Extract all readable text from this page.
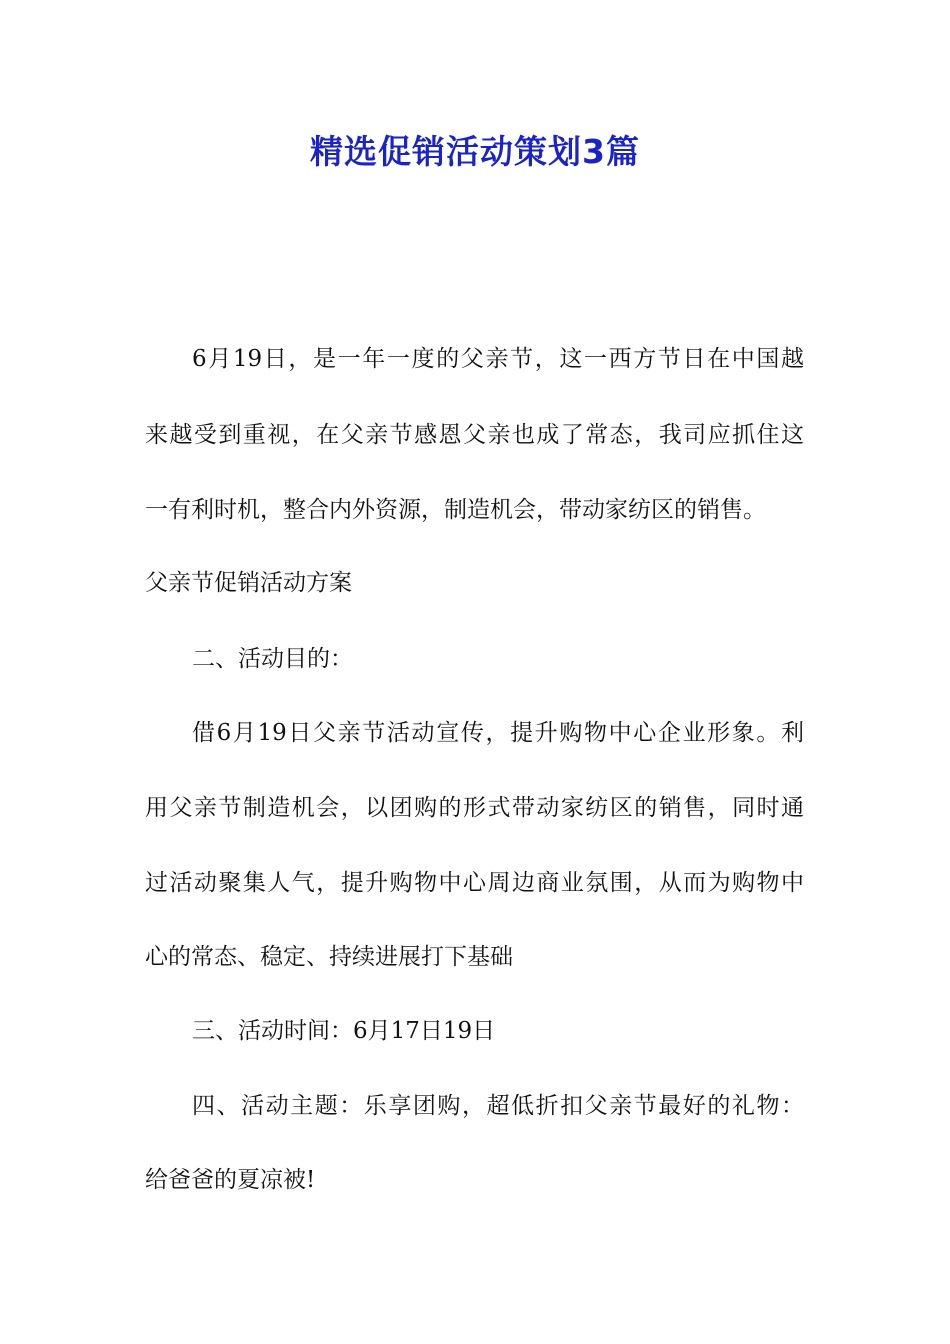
精选促销活动策划3篇
6月19日，是一年一度的父亲节，这一西方节日在中国越
来越受到重视，在父亲节感恩父亲也成了常态，我司应抓住这
一有利时机，整合内外资源，制造机会，带动家纺区的销售。
父亲节促销活动方案
二、活动目的：
借6月19日父亲节活动宣传，提升购物中心企业形象。利
用父亲节制造机会，以团购的形式带动家纺区的销售，同时通
过活动聚集人气，提升购物中心周边商业氛围，从而为购物中
心的常态、稳定、持续进展打下基础
三、活动时间：6月17日19日
四、活动主题：乐享团购，超低折扣父亲节最好的礼物：
给爸爸的夏凉被!
